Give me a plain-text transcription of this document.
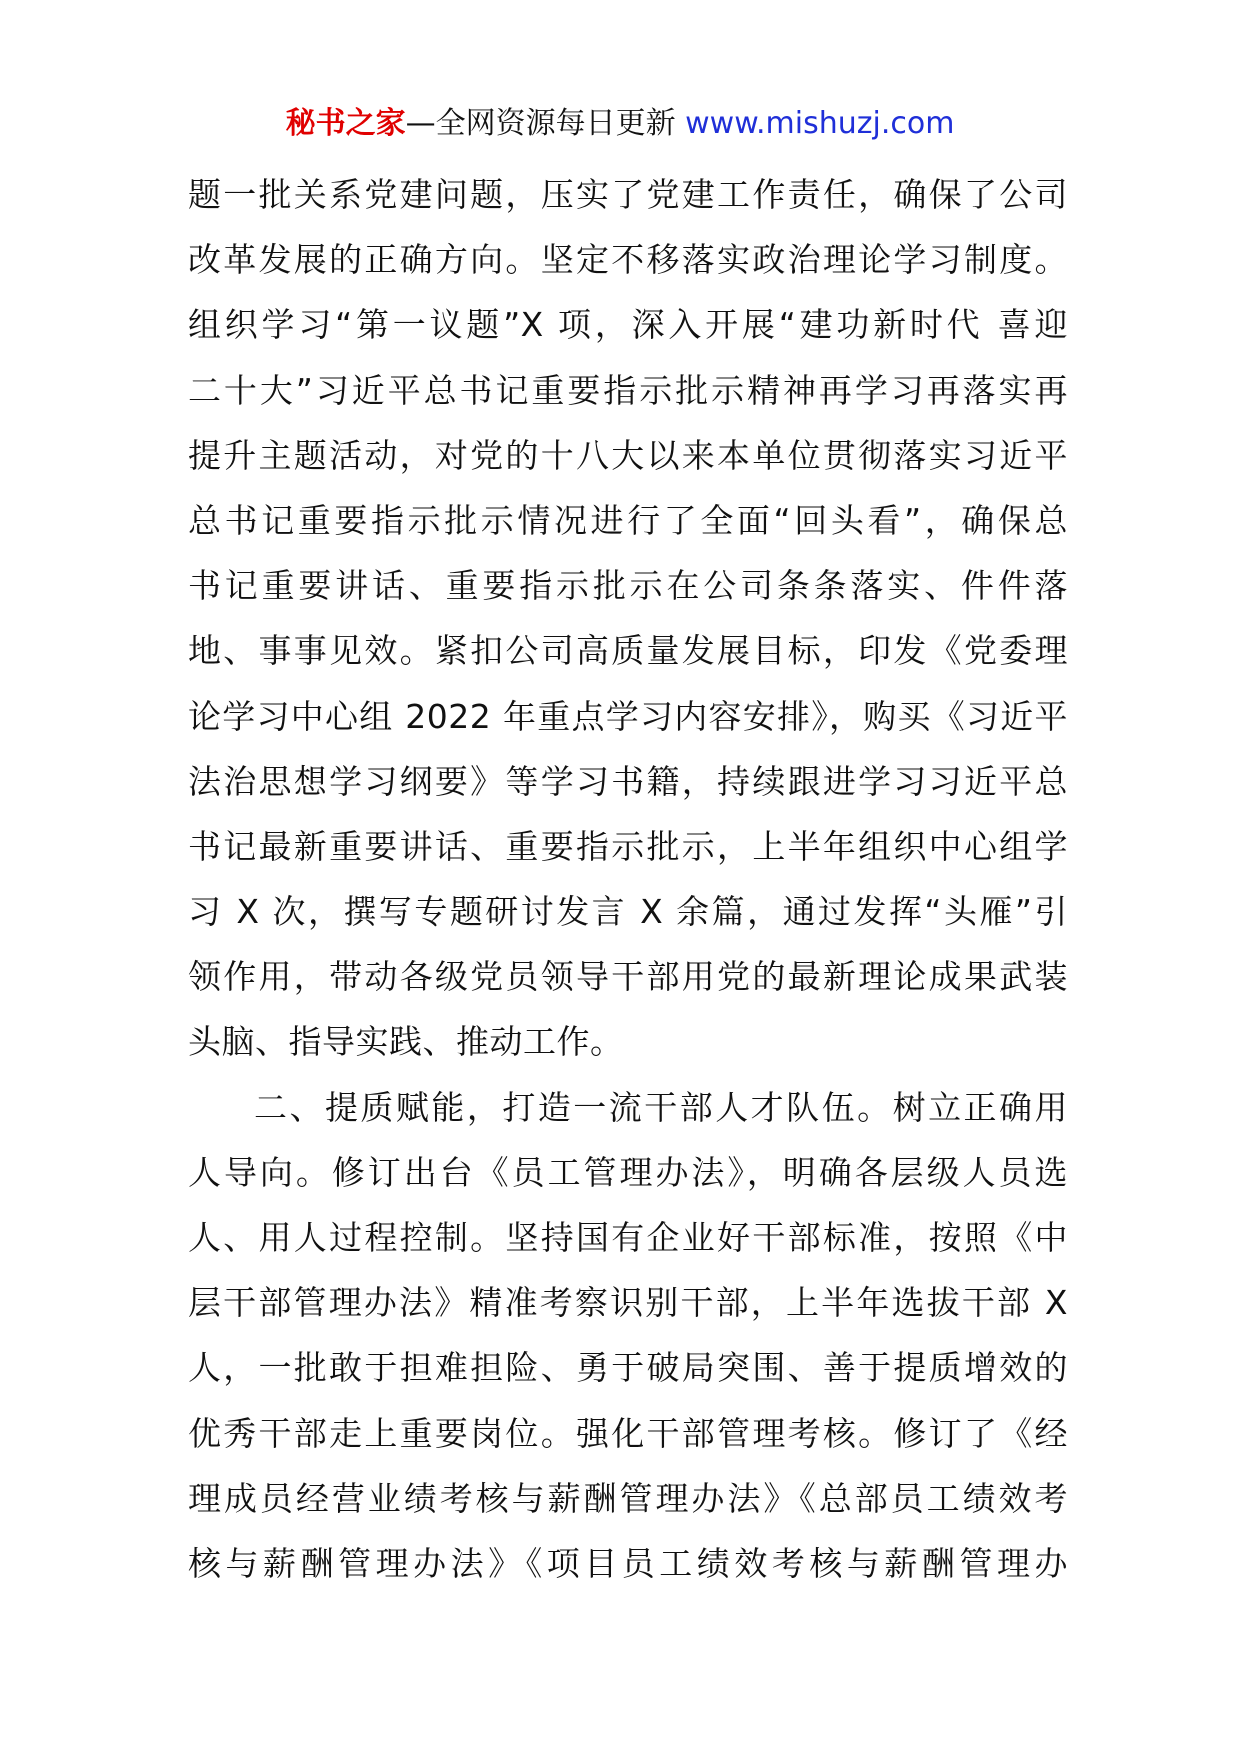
秘书之家—全网资源每日更新 www.mishuzj.com
题一批关系党建问题，压实了党建工作责任，确保了公司
改革发展的正确方向。坚定不移落实政治理论学习制度。
组织学习“第一议题”X 项，深入开展“建功新时代 喜迎
二十大”习近平总书记重要指示批示精神再学习再落实再
提升主题活动，对党的十八大以来本单位贯彻落实习近平
总书记重要指示批示情况进行了全面“回头看”，确保总
书记重要讲话、重要指示批示在公司条条落实、件件落
地、事事见效。紧扣公司高质量发展目标，印发《党委理
论学习中心组 2022 年重点学习内容安排》，购买《习近平
法治思想学习纲要》等学习书籍，持续跟进学习习近平总
书记最新重要讲话、重要指示批示，上半年组织中心组学
习 X 次，撰写专题研讨发言 X 余篇，通过发挥“头雁”引
领作用，带动各级党员领导干部用党的最新理论成果武装
头脑、指导实践、推动工作。
二、提质赋能，打造一流干部人才队伍。树立正确用
人导向。修订出台《员工管理办法》，明确各层级人员选
人、用人过程控制。坚持国有企业好干部标准，按照《中
层干部管理办法》精准考察识别干部，上半年选拔干部 X
人，一批敢于担难担险、勇于破局突围、善于提质增效的
优秀干部走上重要岗位。强化干部管理考核。修订了《经
理成员经营业绩考核与薪酬管理办法》《总部员工绩效考
核与薪酬管理办法》《项目员工绩效考核与薪酬管理办
